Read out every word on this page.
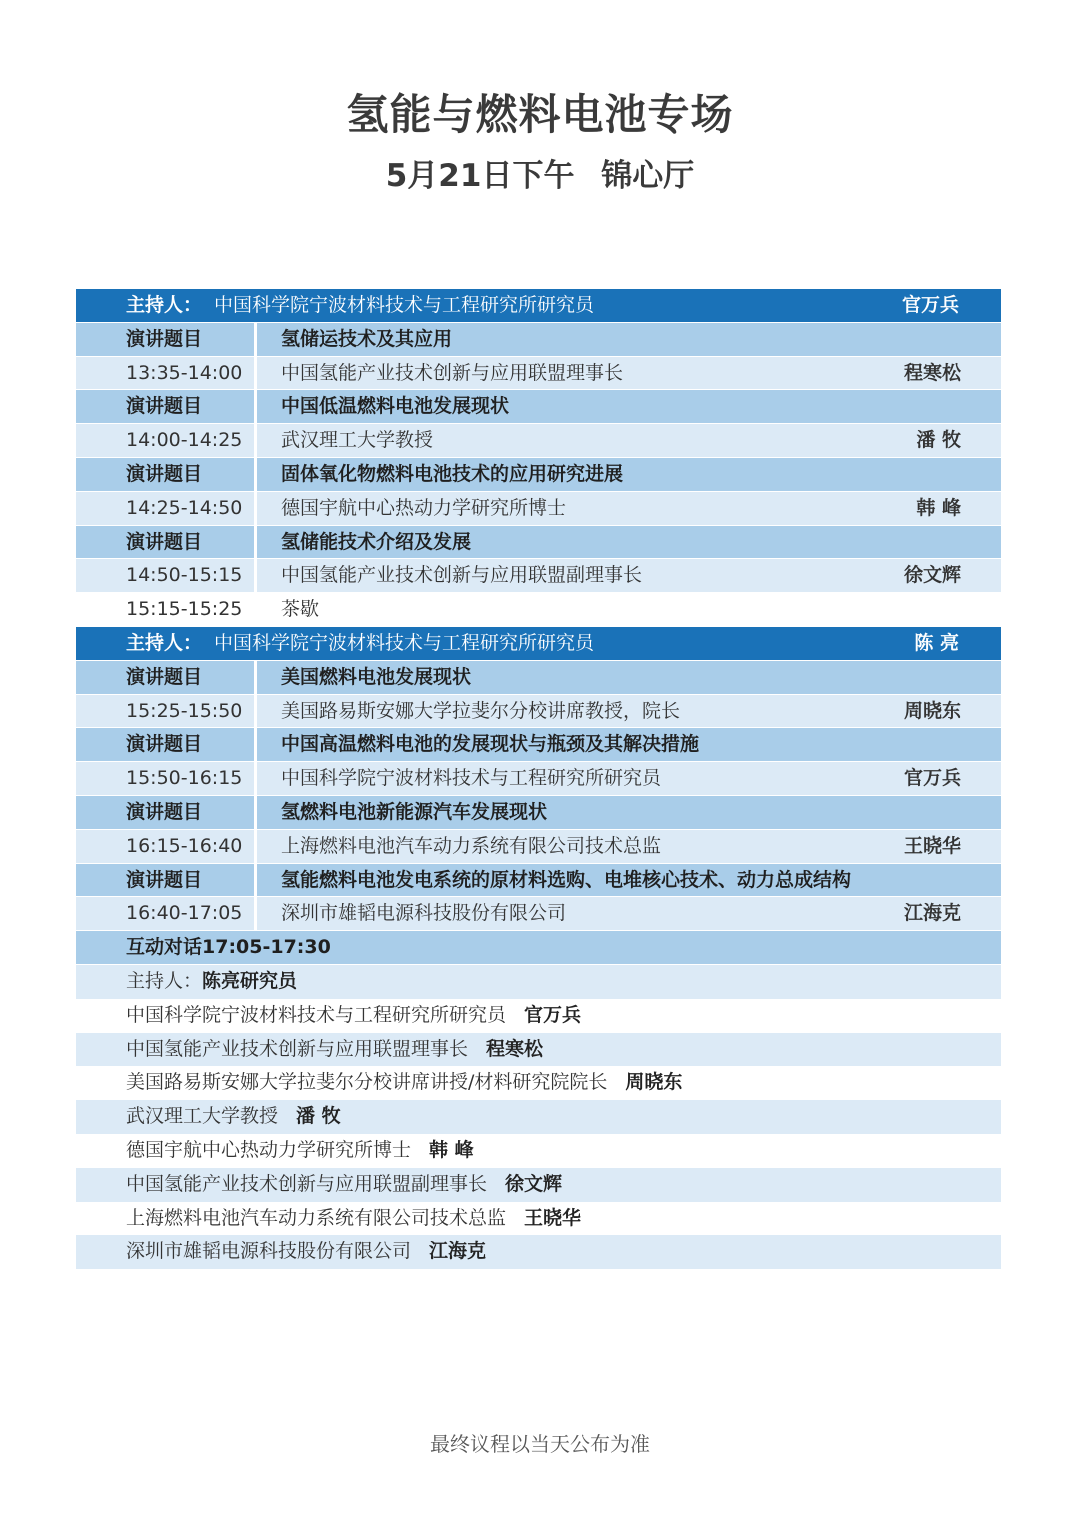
氢能与燃料电池专场
5月21日下午 锦心厅
主持人： 中国科学院宁波材料技术与工程研究所研究员	官万兵
演讲题目	氢储运技术及其应用
13:35-14:00 中国氢能产业技术创新与应用联盟理事长	程寒松
演讲题目	中国低温燃料电池发展现状
14:00-14:25 武汉理工大学教授	潘 牧
演讲题目	固体氧化物燃料电池技术的应用研究进展
14:25-14:50 德国宇航中心热动力学研究所博士	韩 峰
演讲题目	氢储能技术介绍及发展
14:50-15:15 中国氢能产业技术创新与应用联盟副理事长	徐文辉
15:15-15:25 茶歇
主持人： 中国科学院宁波材料技术与工程研究所研究员	陈 亮
演讲题目	美国燃料电池发展现状
15:25-15:50 美国路易斯安娜大学拉斐尔分校讲席教授，院长	周晓东
演讲题目	中国高温燃料电池的发展现状与瓶颈及其解决措施
15:50-16:15 中国科学院宁波材料技术与工程研究所研究员	官万兵
演讲题目	氢燃料电池新能源汽车发展现状
16:15-16:40 上海燃料电池汽车动力系统有限公司技术总监	王晓华
演讲题目	氢能燃料电池发电系统的原材料选购、电堆核心技术、动力总成结构
16:40-17:05 深圳市雄韬电源科技股份有限公司	江海克
互动对话17:05-17:30
主持人：陈亮研究员
中国科学院宁波材料技术与工程研究所研究员 官万兵
中国氢能产业技术创新与应用联盟理事长 程寒松
美国路易斯安娜大学拉斐尔分校讲席讲授/材料研究院院长 周晓东
武汉理工大学教授 潘 牧
德国宇航中心热动力学研究所博士 韩 峰
中国氢能产业技术创新与应用联盟副理事长 徐文辉
上海燃料电池汽车动力系统有限公司技术总监 王晓华
深圳市雄韬电源科技股份有限公司 江海克
最终议程以当天公布为准
